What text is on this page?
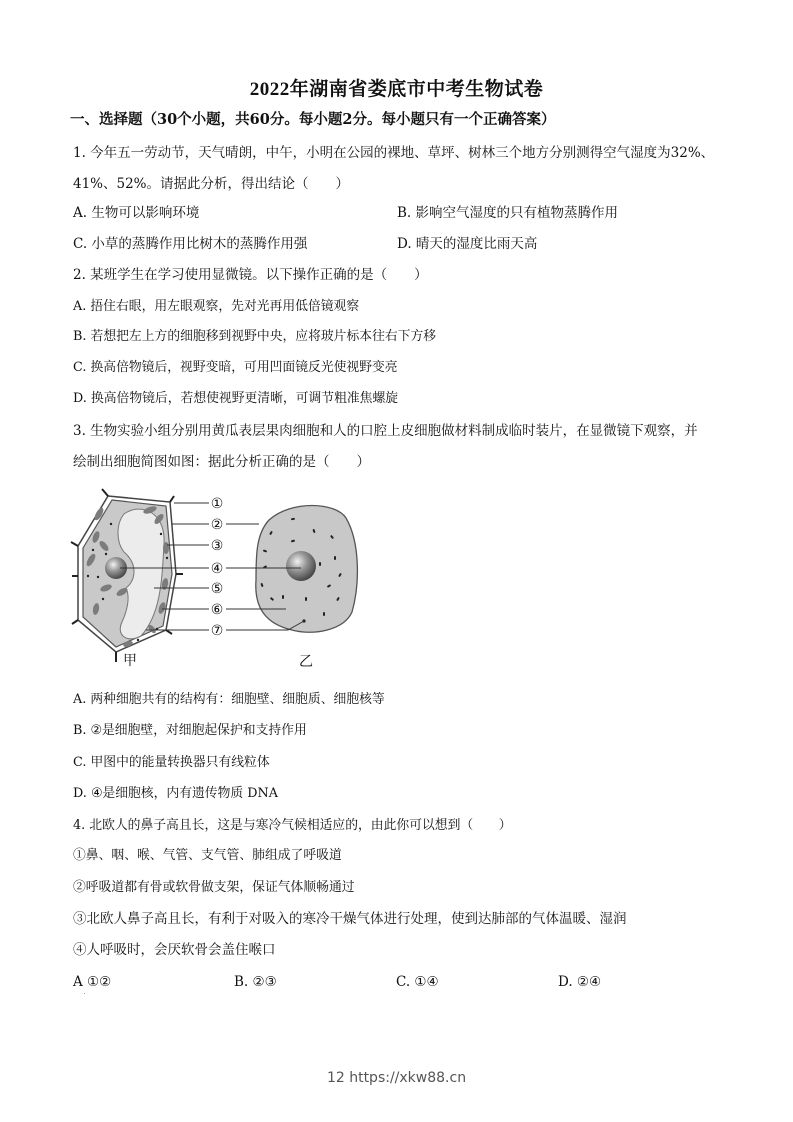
2022年湖南省娄底市中考生物试卷
一、选择题（30个小题，共60分。每小题2分。每小题只有一个正确答案）
1. 今年五一劳动节，天气晴朗，中午，小明在公园的裸地、草坪、树林三个地方分别测得空气湿度为32%、
41%、52%。请据此分析，得出结论（　　）
A. 生物可以影响环境	B. 影响空气湿度的只有植物蒸腾作用
C. 小草的蒸腾作用比树木的蒸腾作用强	D. 晴天的湿度比雨天高
2. 某班学生在学习使用显微镜。以下操作正确的是（　　）
A. 捂住右眼，用左眼观察，先对光再用低倍镜观察
B. 若想把左上方的细胞移到视野中央，应将玻片标本往右下方移
C. 换高倍物镜后，视野变暗，可用凹面镜反光使视野变亮
D. 换高倍物镜后，若想使视野更清晰，可调节粗准焦螺旋
3. 生物实验小组分别用黄瓜表层果肉细胞和人的口腔上皮细胞做材料制成临时装片，在显微镜下观察，并
绘制出细胞简图如图：据此分析正确的是（　　）
①
②
③
④
⑤
⑥
⑦
甲	乙
A. 两种细胞共有的结构有：细胞壁、细胞质、细胞核等
B. ②是细胞壁，对细胞起保护和支持作用
C. 甲图中的能量转换器只有线粒体
D. ④是细胞核，内有遗传物质 DNA
4. 北欧人的鼻子高且长，这是与寒冷气候相适应的，由此你可以想到（　　）
①鼻、咽、喉、气管、支气管、肺组成了呼吸道
②呼吸道都有骨或软骨做支架，保证气体顺畅通过
③北欧人鼻子高且长，有利于对吸入的寒冷干燥气体进行处理，使到达肺部的气体温暖、湿润
④人呼吸时，会厌软骨会盖住喉口
A ①②	B. ②③	C. ①④	D. ②④
12 https://xkw88.cn
